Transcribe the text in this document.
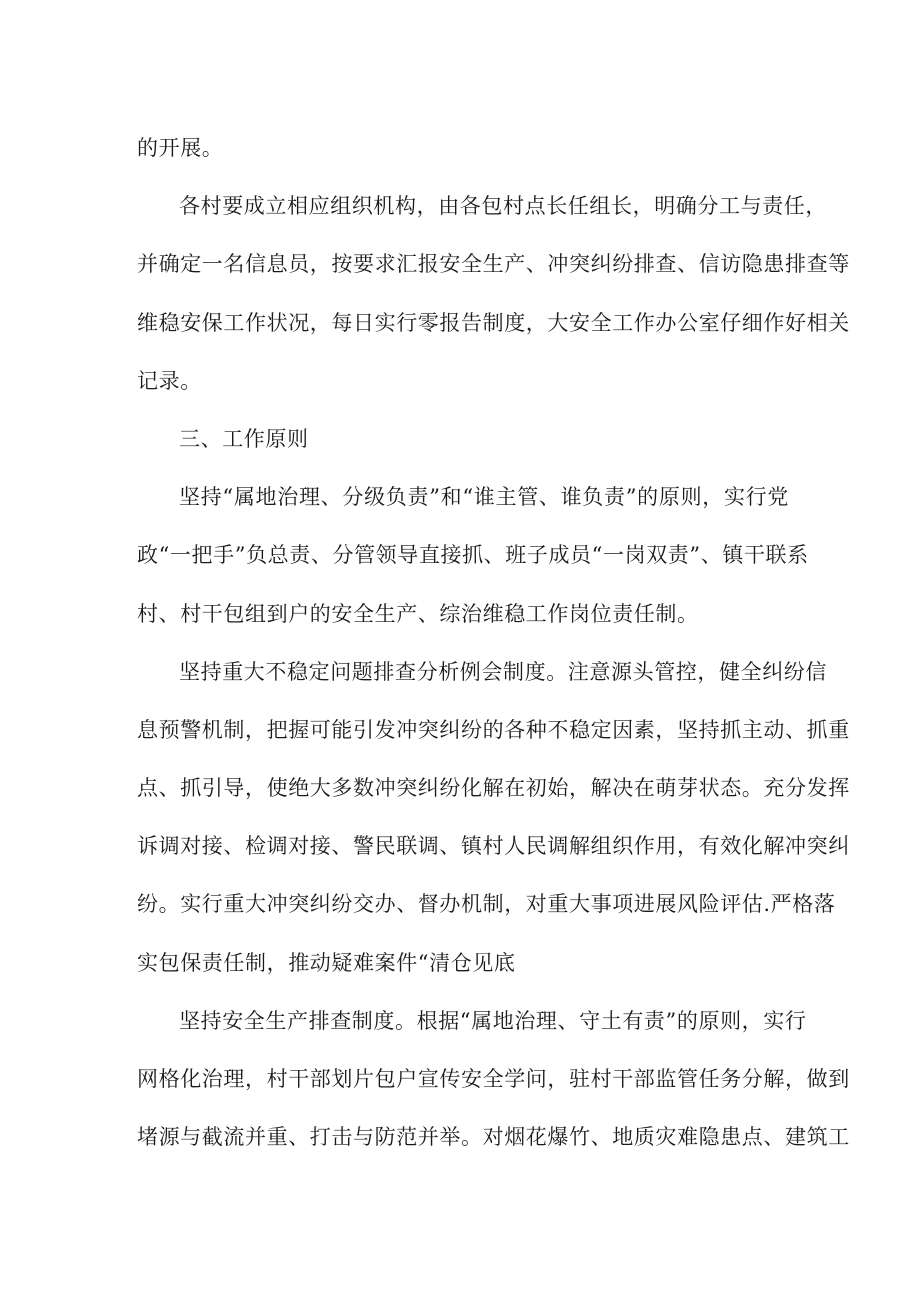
的开展。
各村要成立相应组织机构，由各包村点长任组长，明确分工与责任，
并确定一名信息员，按要求汇报安全生产、冲突纠纷排查、信访隐患排查等
维稳安保工作状况，每日实行零报告制度，大安全工作办公室仔细作好相关
记录。
三、工作原则
坚持“属地治理、分级负责”和“谁主管、谁负责”的原则，实行党
政“一把手”负总责、分管领导直接抓、班子成员“一岗双责”、镇干联系
村、村干包组到户的安全生产、综治维稳工作岗位责任制。
坚持重大不稳定问题排查分析例会制度。注意源头管控，健全纠纷信
息预警机制，把握可能引发冲突纠纷的各种不稳定因素，坚持抓主动、抓重
点、抓引导，使绝大多数冲突纠纷化解在初始，解决在萌芽状态。充分发挥
诉调对接、检调对接、警民联调、镇村人民调解组织作用，有效化解冲突纠
纷。实行重大冲突纠纷交办、督办机制，对重大事项进展风险评估.严格落
实包保责任制，推动疑难案件“清仓见底
坚持安全生产排查制度。根据“属地治理、守土有责”的原则，实行
网格化治理，村干部划片包户宣传安全学问，驻村干部监管任务分解，做到
堵源与截流并重、打击与防范并举。对烟花爆竹、地质灾难隐患点、建筑工
